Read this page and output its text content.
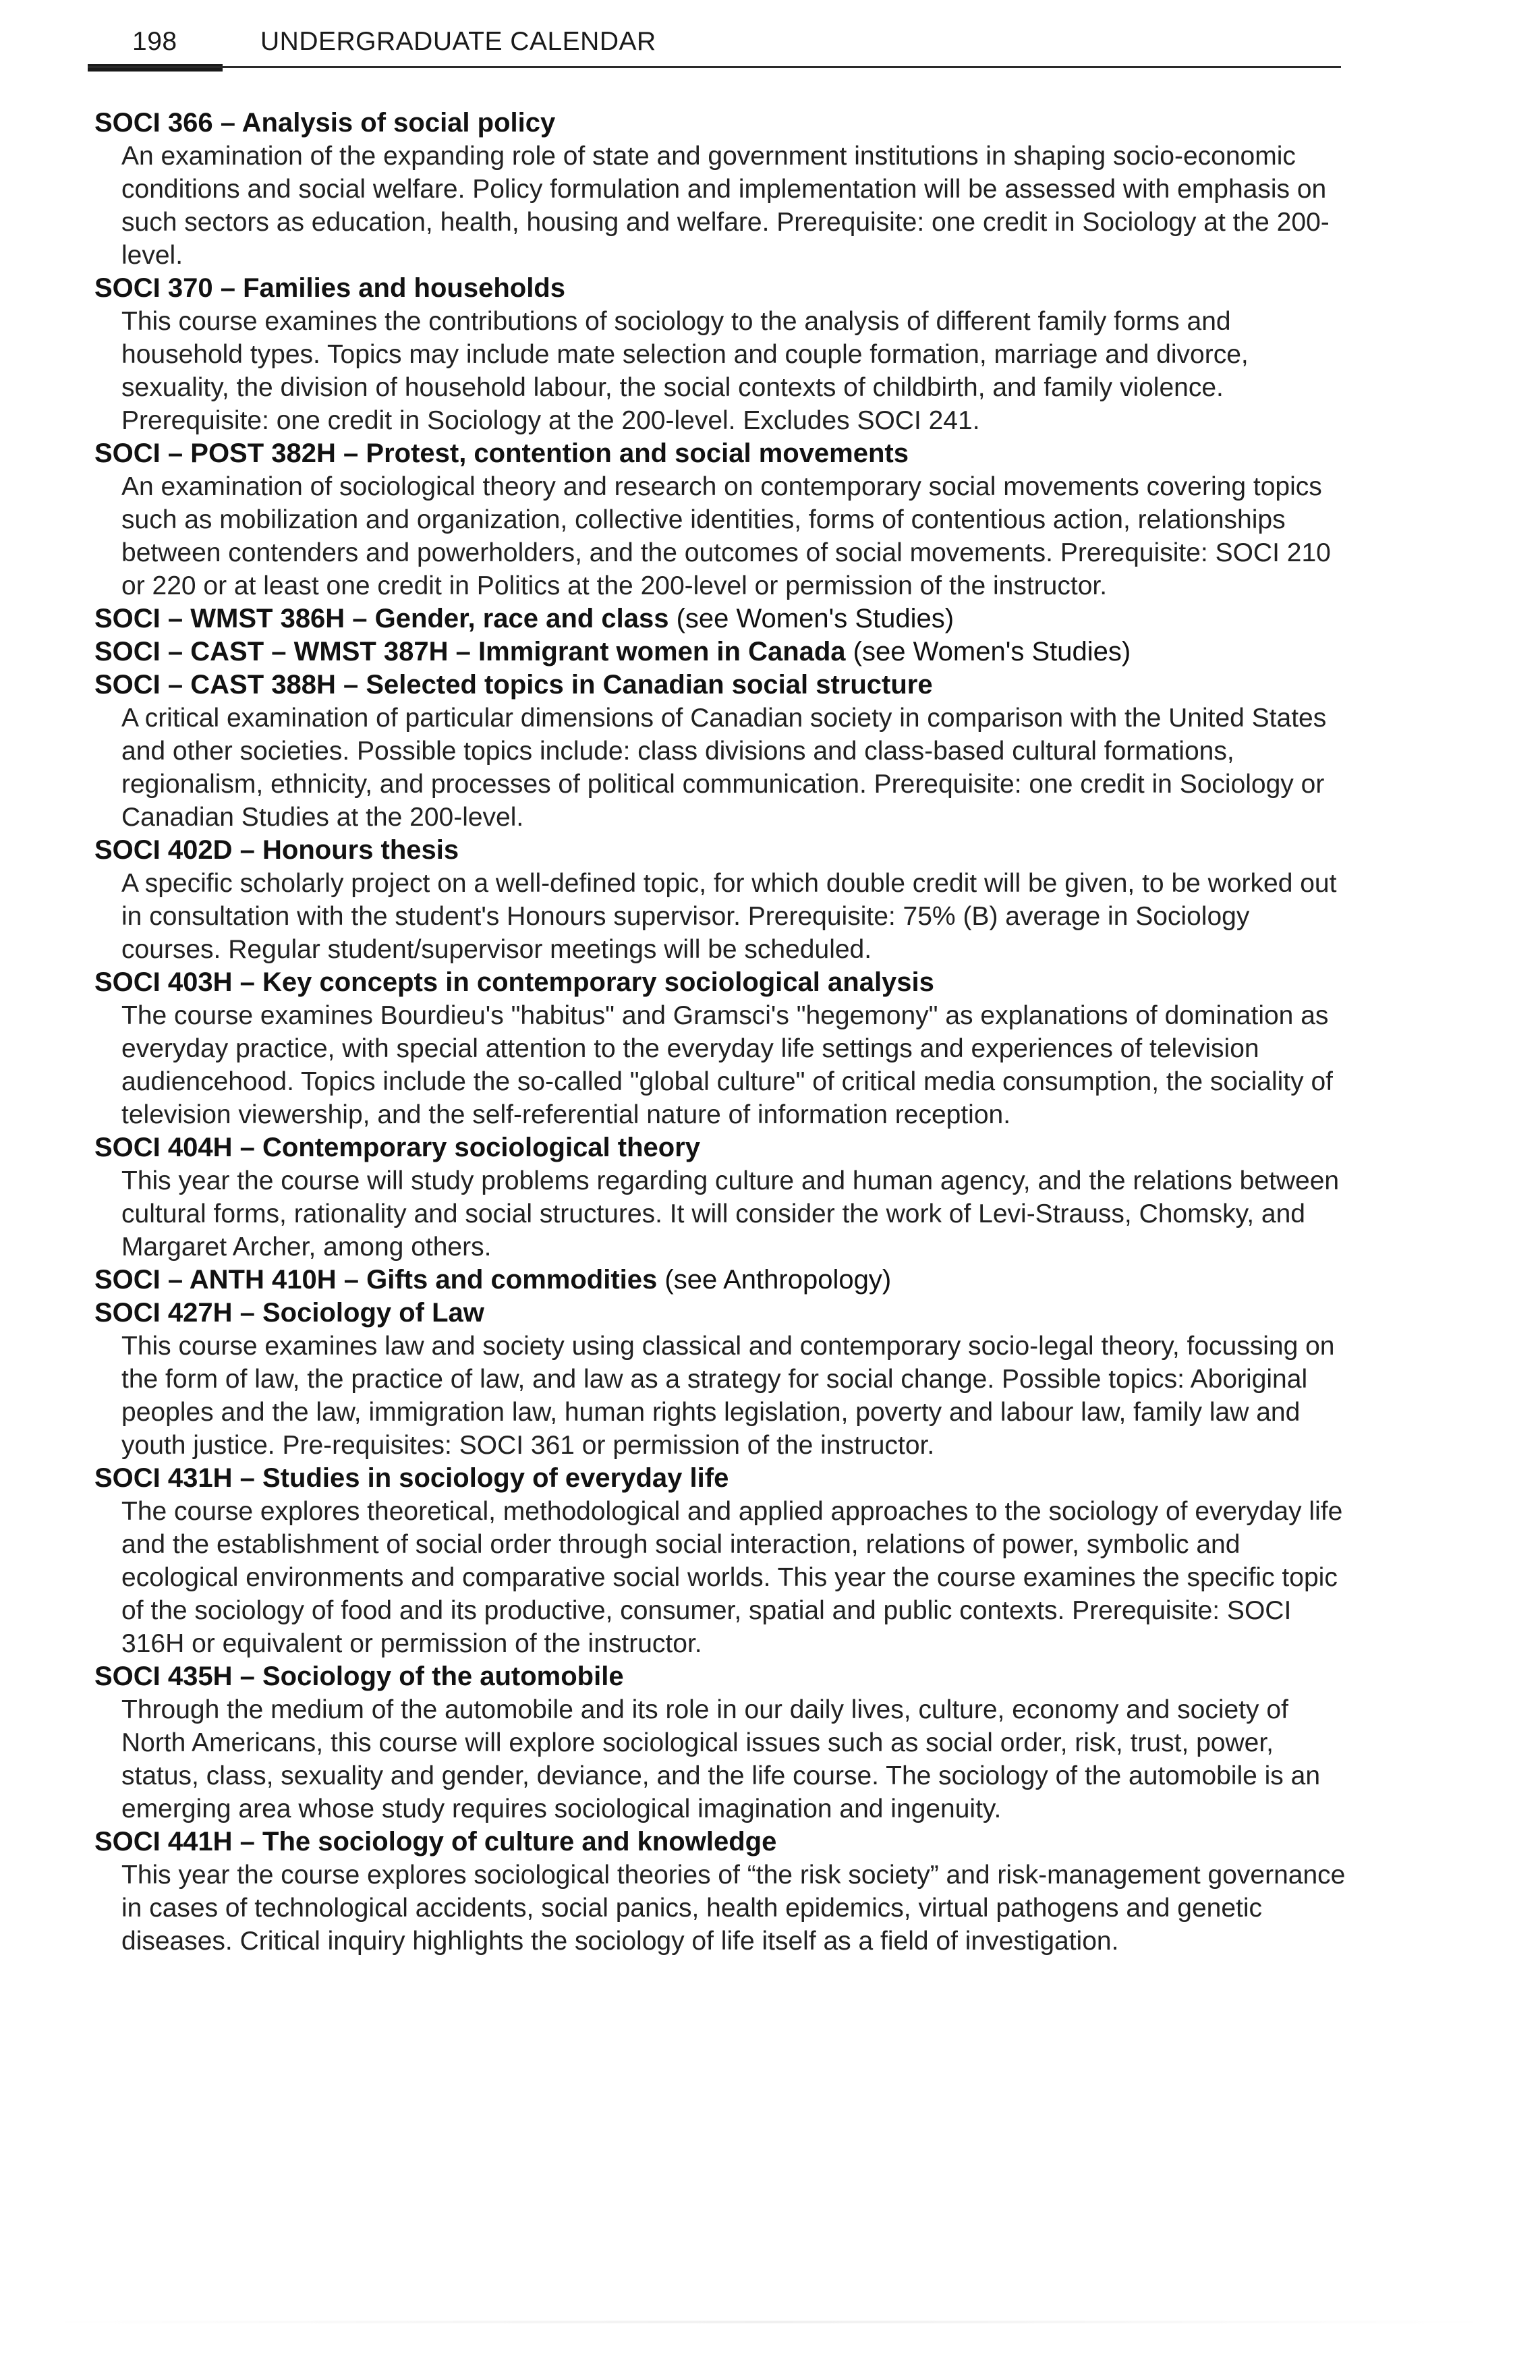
198	UNDERGRADUATE CALENDAR
SOCI 366 – Analysis of social policy
An examination of the expanding role of state and government institutions in shaping socio-economic conditions and social welfare. Policy formulation and implementation will be assessed with emphasis on such sectors as education, health, housing and welfare. Prerequisite: one credit in Sociology at the 200-level.
SOCI 370 – Families and households
This course examines the contributions of sociology to the analysis of different family forms and household types. Topics may include mate selection and couple formation, marriage and divorce, sexuality, the division of household labour, the social contexts of childbirth, and family violence. Prerequisite: one credit in Sociology at the 200-level. Excludes SOCI 241.
SOCI – POST 382H – Protest, contention and social movements
An examination of sociological theory and research on contemporary social movements covering topics such as mobilization and organization, collective identities, forms of contentious action, relationships between contenders and powerholders, and the outcomes of social movements. Prerequisite: SOCI 210 or 220 or at least one credit in Politics at the 200-level or permission of the instructor.
SOCI – WMST 386H – Gender, race and class (see Women's Studies)
SOCI – CAST – WMST 387H – Immigrant women in Canada (see Women's Studies)
SOCI – CAST 388H – Selected topics in Canadian social structure
A critical examination of particular dimensions of Canadian society in comparison with the United States and other societies. Possible topics include: class divisions and class-based cultural formations, regionalism, ethnicity, and processes of political communication. Prerequisite: one credit in Sociology or Canadian Studies at the 200-level.
SOCI 402D – Honours thesis
A specific scholarly project on a well-defined topic, for which double credit will be given, to be worked out in consultation with the student's Honours supervisor. Prerequisite: 75% (B) average in Sociology courses. Regular student/supervisor meetings will be scheduled.
SOCI 403H – Key concepts in contemporary sociological analysis
The course examines Bourdieu's "habitus" and Gramsci's "hegemony" as explanations of domination as everyday practice, with special attention to the everyday life settings and experiences of television audiencehood. Topics include the so-called "global culture" of critical media consumption, the sociality of television viewership, and the self-referential nature of information reception.
SOCI 404H – Contemporary sociological theory
This year the course will study problems regarding culture and human agency, and the relations between cultural forms, rationality and social structures. It will consider the work of Levi-Strauss, Chomsky, and Margaret Archer, among others.
SOCI – ANTH 410H – Gifts and commodities (see Anthropology)
SOCI 427H – Sociology of Law
This course examines law and society using classical and contemporary socio-legal theory, focussing on the form of law, the practice of law, and law as a strategy for social change. Possible topics: Aboriginal peoples and the law, immigration law, human rights legislation, poverty and labour law, family law and youth justice. Pre-requisites: SOCI 361 or permission of the instructor.
SOCI 431H – Studies in sociology of everyday life
The course explores theoretical, methodological and applied approaches to the sociology of everyday life and the establishment of social order through social interaction, relations of power, symbolic and ecological environments and comparative social worlds. This year the course examines the specific topic of the sociology of food and its productive, consumer, spatial and public contexts. Prerequisite: SOCI 316H or equivalent or permission of the instructor.
SOCI 435H – Sociology of the automobile
Through the medium of the automobile and its role in our daily lives, culture, economy and society of North Americans, this course will explore sociological issues such as social order, risk, trust, power, status, class, sexuality and gender, deviance, and the life course. The sociology of the automobile is an emerging area whose study requires sociological imagination and ingenuity.
SOCI 441H – The sociology of culture and knowledge
This year the course explores sociological theories of “the risk society” and risk-management governance in cases of technological accidents, social panics, health epidemics, virtual pathogens and genetic diseases. Critical inquiry highlights the sociology of life itself as a field of investigation.
